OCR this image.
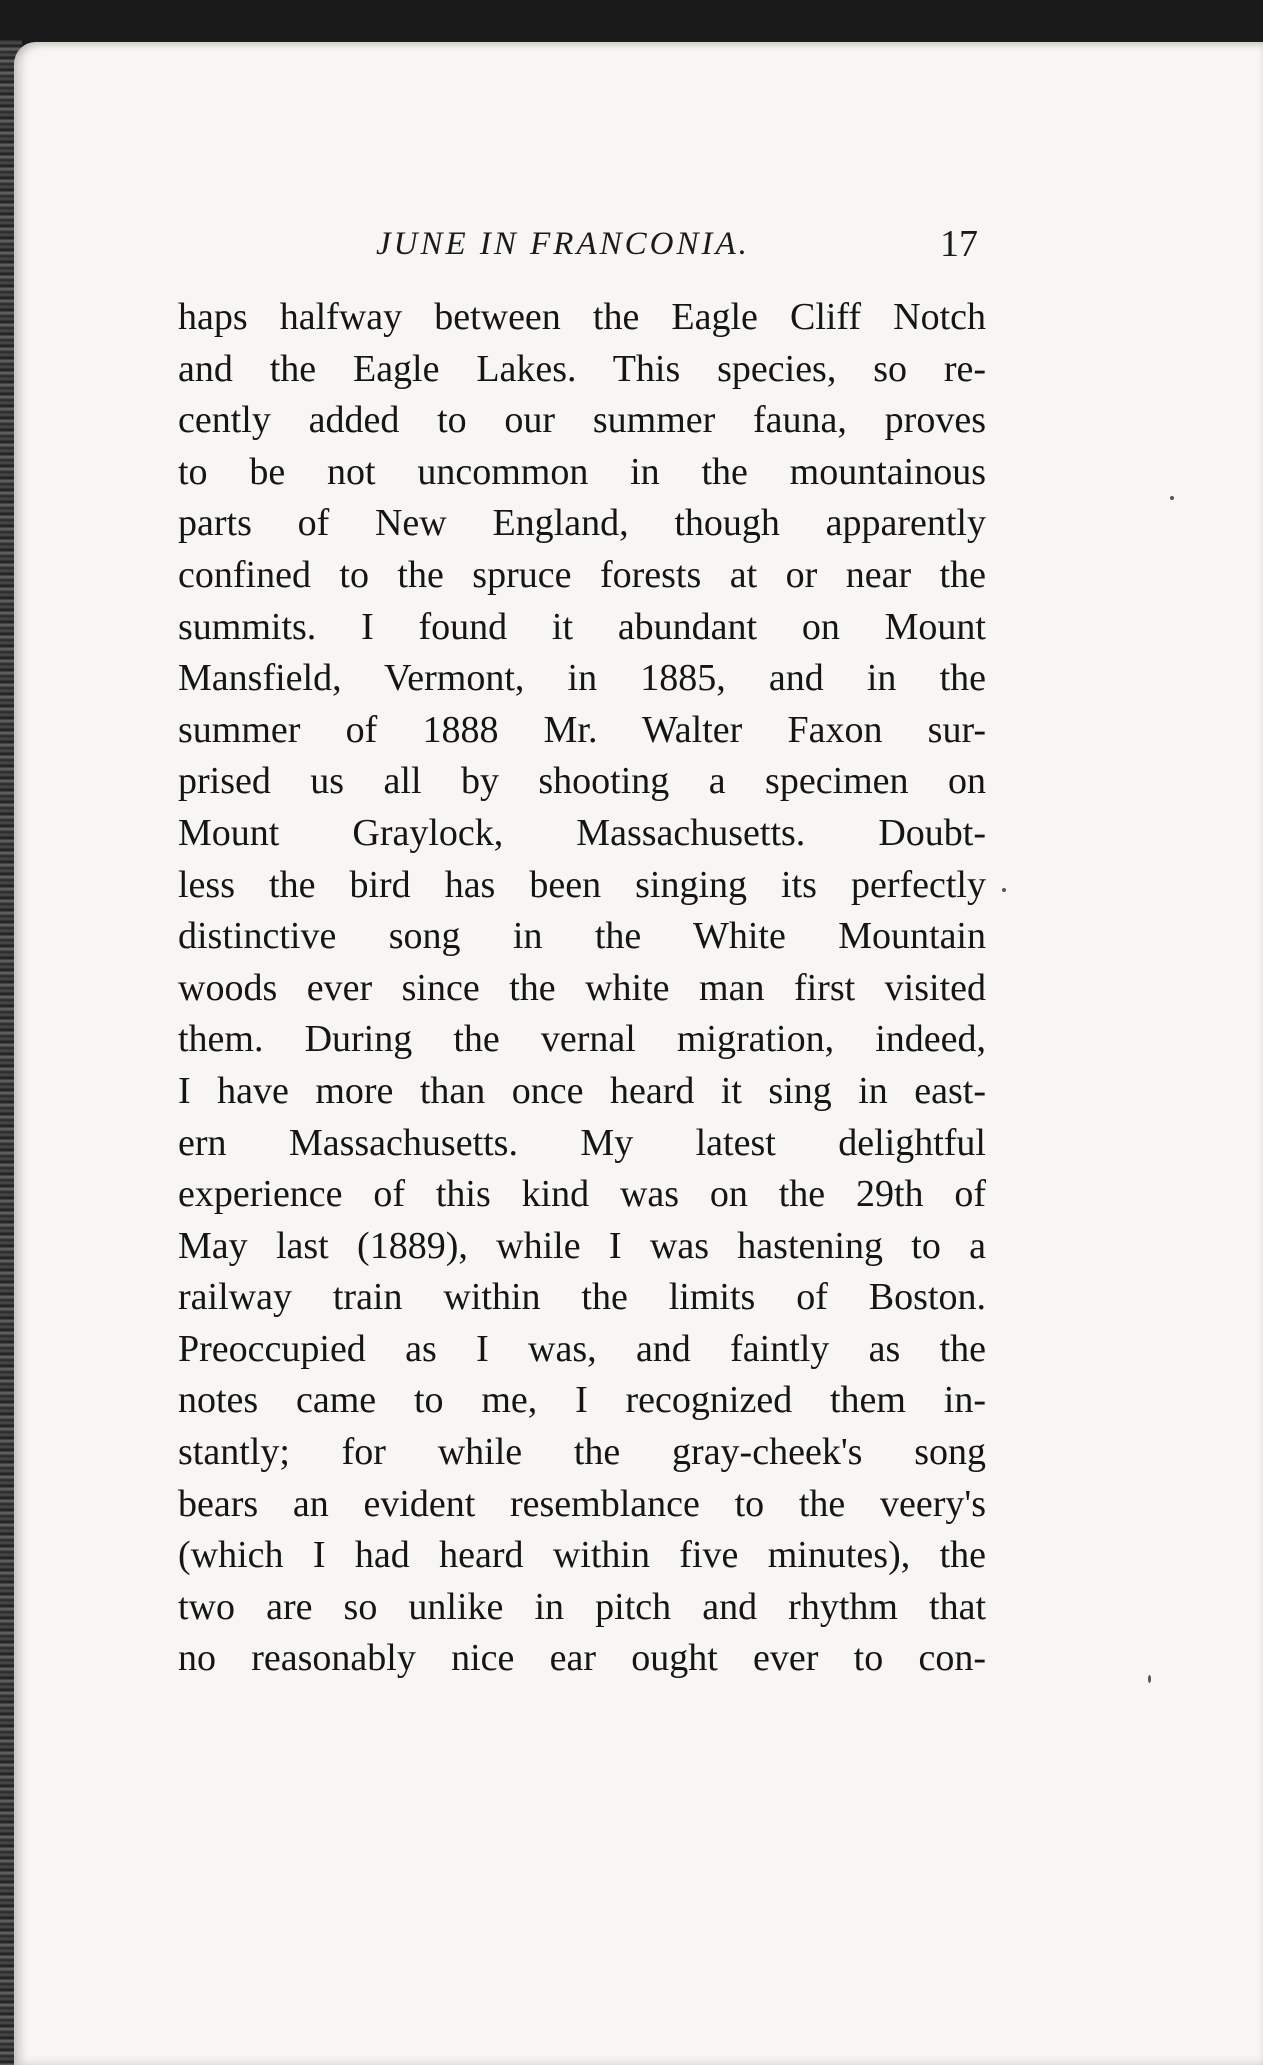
JUNE IN FRANCONIA.	17
haps halfway between the Eagle Cliff Notch
and the Eagle Lakes. This species, so re-
cently added to our summer fauna, proves
to be not uncommon in the mountainous
parts of New England, though apparently
confined to the spruce forests at or near the
summits. I found it abundant on Mount
Mansfield, Vermont, in 1885, and in the
summer of 1888 Mr. Walter Faxon sur-
prised us all by shooting a specimen on
Mount Graylock, Massachusetts. Doubt-
less the bird has been singing its perfectly
distinctive song in the White Mountain
woods ever since the white man first visited
them. During the vernal migration, indeed,
I have more than once heard it sing in east-
ern Massachusetts. My latest delightful
experience of this kind was on the 29th of
May last (1889), while I was hastening to a
railway train within the limits of Boston.
Preoccupied as I was, and faintly as the
notes came to me, I recognized them in-
stantly; for while the gray-cheek's song
bears an evident resemblance to the veery's
(which I had heard within five minutes), the
two are so unlike in pitch and rhythm that
no reasonably nice ear ought ever to con-
